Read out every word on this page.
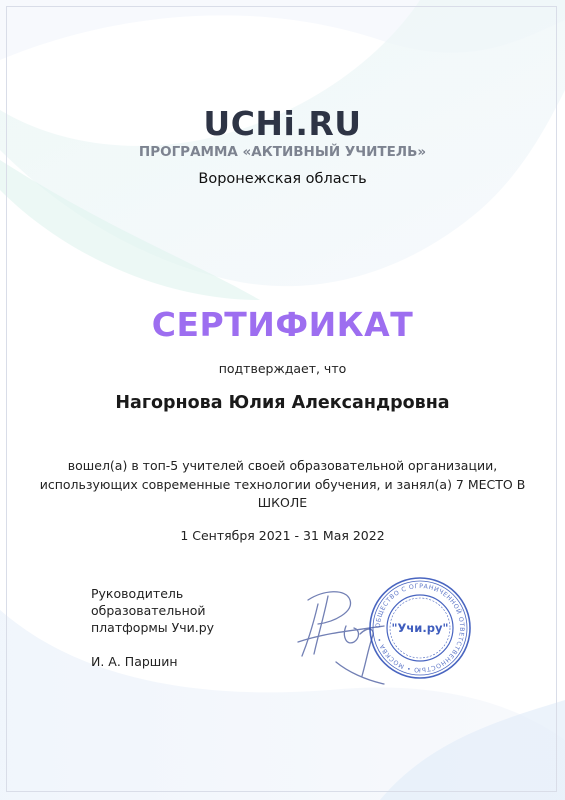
UCHi.RU
ПРОГРАММА «АКТИВНЫЙ УЧИТЕЛЬ»
Воронежская область
СЕРТИФИКАТ
подтверждает, что
Нагорнова Юлия Александровна
вошел(а) в топ-5 учителей своей образовательной организации, использующих современные технологии обучения, и занял(а) 7 МЕСТО В ШКОЛЕ
1 Сентября 2021 - 31 Мая 2022
Руководитель образовательной платформы Учи.ру
И. А. Паршин
ОБЩЕСТВО С ОГРАНИЧЕННОЙ ОТВЕТСТВЕННОСТЬЮ • МОСКВА •
"Учи.ру"
